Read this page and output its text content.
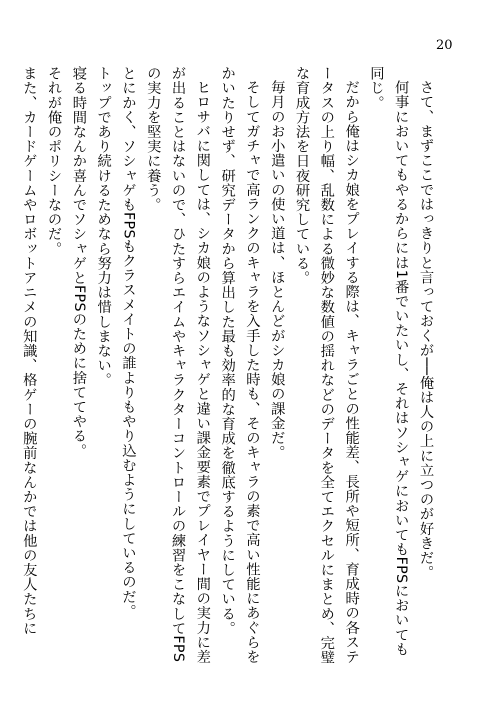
20

さて、まずここではっきりと言っておくが──俺は人の上に立つのが好きだ。

何事においてもやるからには1番でいたいし、それはソシャゲにおいてもFPSにおいても同じ。

だから俺はシカ娘をプレイする際は、キャラごとの性能差、長所や短所、育成時の各ステータスの上り幅、乱数による微妙な数値の揺れなどのデータを全てエクセルにまとめ、完璧な育成方法を日夜研究している。

毎月のお小遣いの使い道は、ほとんどがシカ娘の課金だ。

そしてガチャで高ランクのキャラを入手した時も、そのキャラの素で高い性能にあぐらをかいたりせず、研究データから算出した最も効率的な育成を徹底するようにしている。

ヒロサバに関しては、シカ娘のようなソシャゲと違い課金要素でプレイヤー間の実力に差が出ることはないので、ひたすらエイムやキャラクターコントロールの練習をこなしてFPSの実力を堅実に養う。

とにかく、ソシャゲもFPSもクラスメイトの誰よりもやり込むようにしているのだ。

トップであり続けるためなら努力は惜しまない。

寝る時間なんか喜んでソシャゲとFPSのために捨ててやる。

それが俺のポリシーなのだ。

また、カードゲームやロボットアニメの知識、格ゲーの腕前なんかでは他の友人たちに
